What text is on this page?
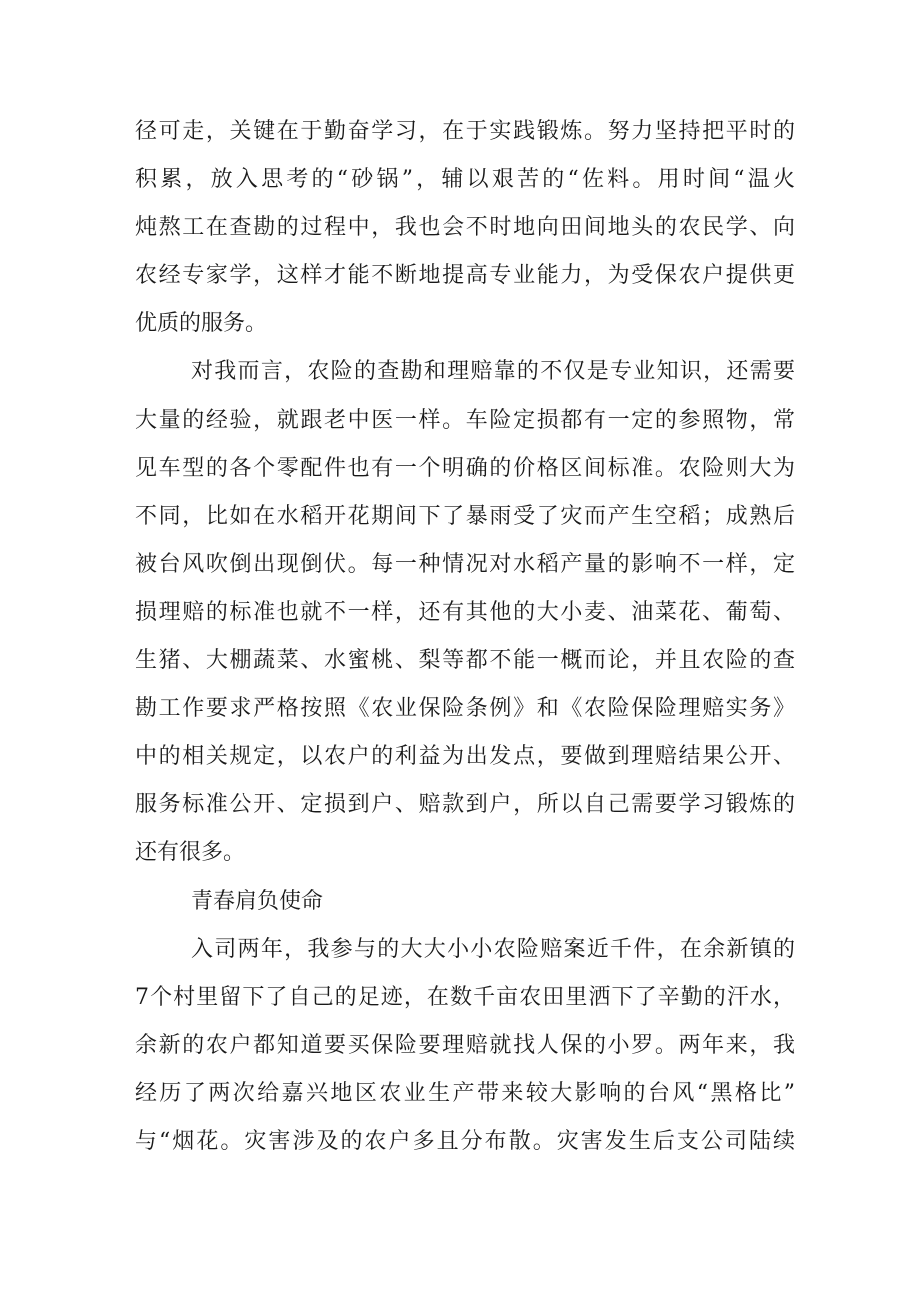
径可走，关键在于勤奋学习，在于实践锻炼。努力坚持把平时的
积累，放入思考的“砂锅”，辅以艰苦的“佐料。用时间“温火
炖熬工在查勘的过程中，我也会不时地向田间地头的农民学、向
农经专家学，这样才能不断地提高专业能力，为受保农户提供更
优质的服务。
对我而言，农险的查勘和理赔靠的不仅是专业知识，还需要
大量的经验，就跟老中医一样。车险定损都有一定的参照物，常
见车型的各个零配件也有一个明确的价格区间标准。农险则大为
不同，比如在水稻开花期间下了暴雨受了灾而产生空稻；成熟后
被台风吹倒出现倒伏。每一种情况对水稻产量的影响不一样，定
损理赔的标准也就不一样，还有其他的大小麦、油菜花、葡萄、
生猪、大棚蔬菜、水蜜桃、梨等都不能一概而论，并且农险的查
勘工作要求严格按照《农业保险条例》和《农险保险理赔实务》
中的相关规定，以农户的利益为出发点，要做到理赔结果公开、
服务标准公开、定损到户、赔款到户，所以自己需要学习锻炼的
还有很多。
青春肩负使命
入司两年，我参与的大大小小农险赔案近千件，在余新镇的
7个村里留下了自己的足迹，在数千亩农田里洒下了辛勤的汗水，
余新的农户都知道要买保险要理赔就找人保的小罗。两年来，我
经历了两次给嘉兴地区农业生产带来较大影响的台风“黑格比”
与“烟花。灾害涉及的农户多且分布散。灾害发生后支公司陆续
